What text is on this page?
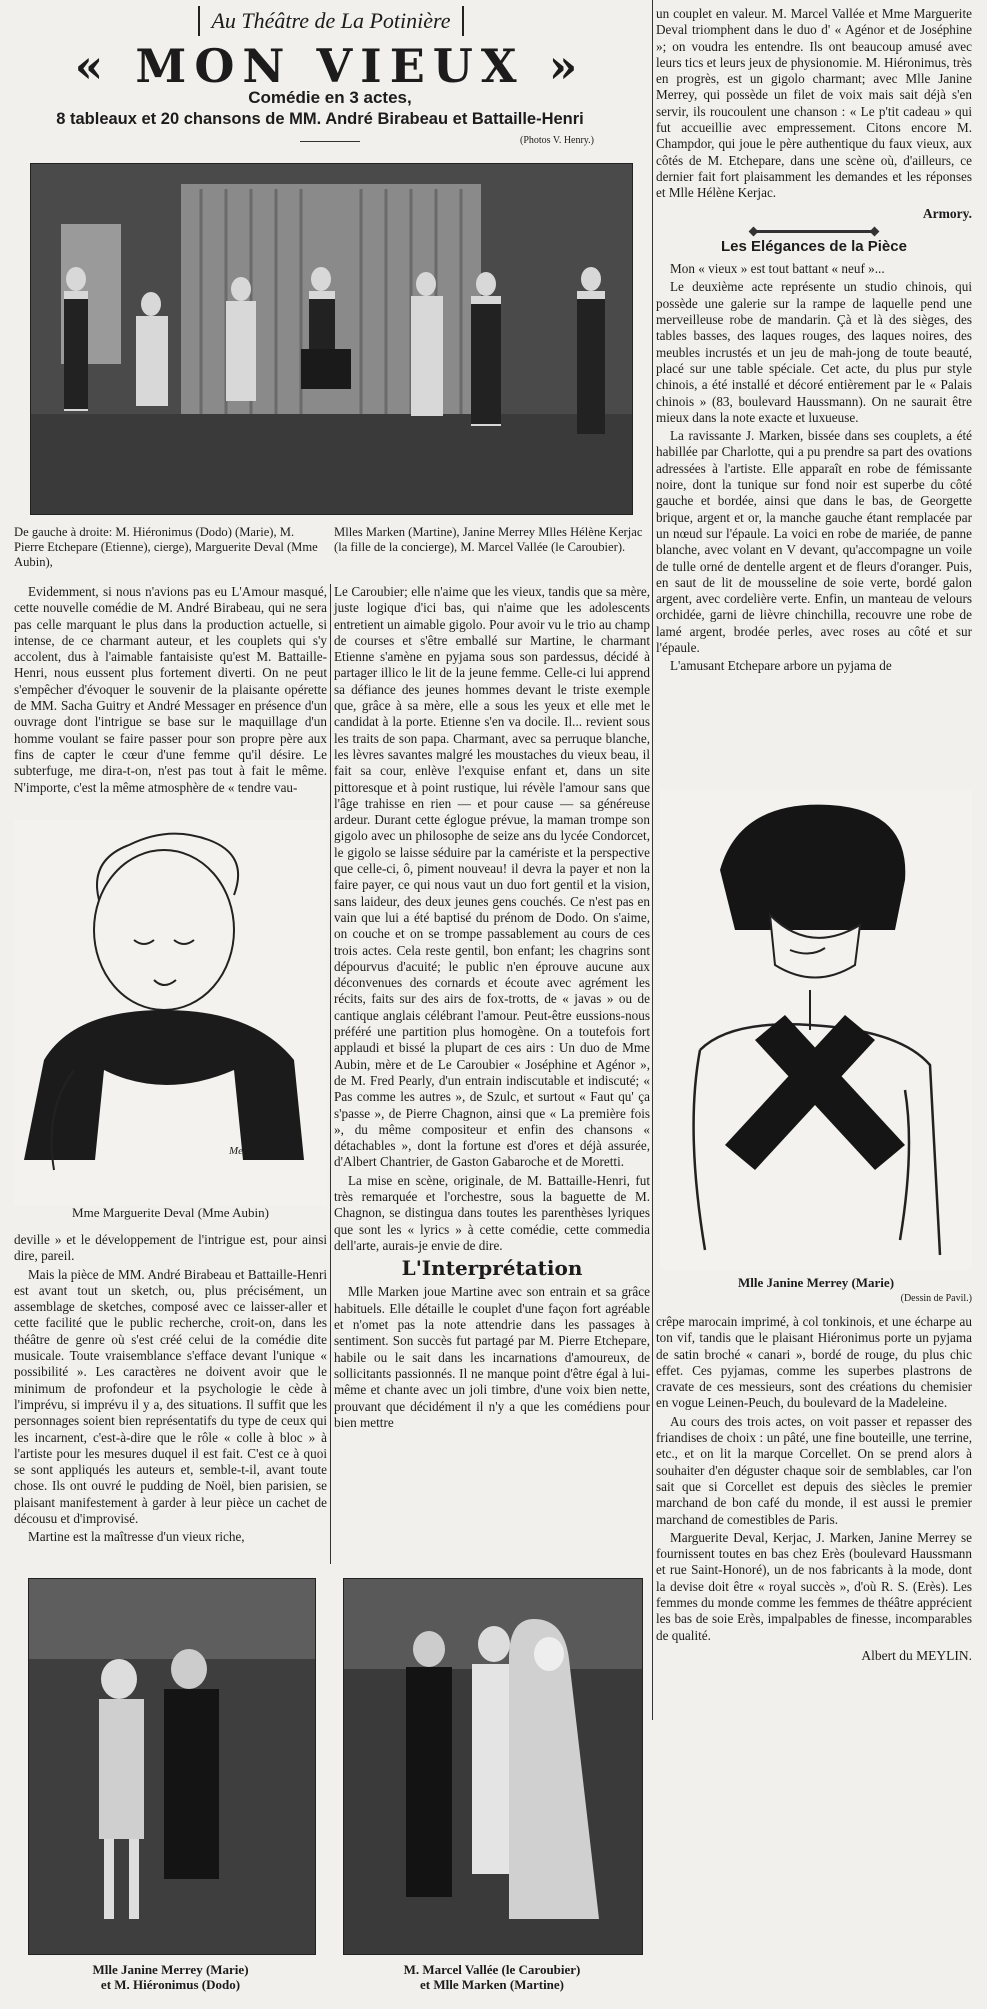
Au Théâtre de La Potinière
« MON VIEUX »
Comédie en 3 actes,
8 tableaux et 20 chansons de MM. André Birabeau et Battaille-Henri
(Photos V. Henry.)
De gauche à droite: M. Hiéronimus (Dodo) (Marie), M. Pierre Etchepare (Etienne), cierge), Marguerite Deval (Mme Aubin),
Mlles Marken (Martine), Janine Merrey Mlles Hélène Kerjac (la fille de la concierge), M. Marcel Vallée (le Caroubier).

Evidemment, si nous n'avions pas eu L'Amour masqué, cette nouvelle comédie de M. André Birabeau, qui ne sera pas celle marquant le plus dans la production actuelle, si intense, de ce charmant auteur, et les couplets qui s'y accolent, dus à l'aimable fantaisiste qu'est M. Battaille-Henri, nous eussent plus fortement diverti. On ne peut s'empêcher d'évoquer le souvenir de la plaisante opérette de MM. Sacha Guitry et André Messager en présence d'un ouvrage dont l'intrigue se base sur le maquillage d'un homme voulant se faire passer pour son propre père aux fins de capter le cœur d'une femme qu'il désire. Le subterfuge, me dira-t-on, n'est pas tout à fait le même. N'importe, c'est la même atmosphère de « tendre vau-

Mesadil
Mme Marguerite Deval (Mme Aubin)

deville » et le développement de l'intrigue est, pour ainsi dire, pareil.

Mais la pièce de MM. André Birabeau et Battaille-Henri est avant tout un sketch, ou, plus précisément, un assemblage de sketches, composé avec ce laisser-aller et cette facilité que le public recherche, croit-on, dans les théâtre de genre où s'est créé celui de la comédie dite musicale. Toute vraisemblance s'efface devant l'unique « possibilité ». Les caractères ne doivent avoir que le minimum de profondeur et la psychologie le cède à l'imprévu, si imprévu il y a, des situations. Il suffit que les personnages soient bien représentatifs du type de ceux qui les incarnent, c'est-à-dire que le rôle « colle à bloc » à l'artiste pour les mesures duquel il est fait. C'est ce à quoi se sont appliqués les auteurs et, semble-t-il, avant toute chose. Ils ont ouvré le pudding de Noël, bien parisien, se plaisant manifestement à garder à leur pièce un cachet de décousu et d'improvisé.

Martine est la maîtresse d'un vieux riche,

Le Caroubier; elle n'aime que les vieux, tandis que sa mère, juste logique d'ici bas, qui n'aime que les adolescents entretient un aimable gigolo. Pour avoir vu le trio au champ de courses et s'être emballé sur Martine, le charmant Etienne s'amène en pyjama sous son pardessus, décidé à partager illico le lit de la jeune femme. Celle-ci lui apprend sa défiance des jeunes hommes devant le triste exemple que, grâce à sa mère, elle a sous les yeux et elle met le candidat à la porte. Etienne s'en va docile. Il... revient sous les traits de son papa. Charmant, avec sa perruque blanche, les lèvres savantes malgré les moustaches du vieux beau, il fait sa cour, enlève l'exquise enfant et, dans un site pittoresque et à point rustique, lui révèle l'amour sans que l'âge trahisse en rien — et pour cause — sa généreuse ardeur. Durant cette églogue prévue, la maman trompe son gigolo avec un philosophe de seize ans du lycée Condorcet, le gigolo se laisse séduire par la camériste et la perspective que celle-ci, ô, piment nouveau! il devra la payer et non la faire payer, ce qui nous vaut un duo fort gentil et la vision, sans laideur, des deux jeunes gens couchés. Ce n'est pas en vain que lui a été baptisé du prénom de Dodo. On s'aime, on couche et on se trompe passablement au cours de ces trois actes. Cela reste gentil, bon enfant; les chagrins sont dépourvus d'acuité; le public n'en éprouve aucune aux déconvenues des cornards et écoute avec agrément les récits, faits sur des airs de fox-trotts, de « javas » ou de cantique anglais célébrant l'amour. Peut-être eussions-nous préféré une partition plus homogène. On a toutefois fort applaudi et bissé la plupart de ces airs : Un duo de Mme Aubin, mère et de Le Caroubier « Joséphine et Agénor », de M. Fred Pearly, d'un entrain indiscutable et indiscuté; « Pas comme les autres », de Szulc, et surtout « Faut qu' ça s'passe », de Pierre Chagnon, ainsi que « La première fois », du même compositeur et enfin des chansons « détachables », dont la fortune est d'ores et déjà assurée, d'Albert Chantrier, de Gaston Gabaroche et de Moretti.

La mise en scène, originale, de M. Battaille-Henri, fut très remarquée et l'orchestre, sous la baguette de M. Chagnon, se distingua dans toutes les parenthèses lyriques que sont les « lyrics » à cette comédie, cette commedia dell'arte, aurais-je envie de dire.

L'Interprétation

Mlle Marken joue Martine avec son entrain et sa grâce habituels. Elle détaille le couplet d'une façon fort agréable et n'omet pas la note attendrie dans les passages à sentiment. Son succès fut partagé par M. Pierre Etchepare, habile ou le sait dans les incarnations d'amoureux, de sollicitants passionnés. Il ne manque point d'être égal à lui-même et chante avec un joli timbre, d'une voix bien nette, prouvant que décidément il n'y a que les comédiens pour bien mettre

un couplet en valeur. M. Marcel Vallée et Mme Marguerite Deval triomphent dans le duo d' « Agénor et de Joséphine »; on voudra les entendre. Ils ont beaucoup amusé avec leurs tics et leurs jeux de physionomie. M. Hiéronimus, très en progrès, est un gigolo charmant; avec Mlle Janine Merrey, qui possède un filet de voix mais sait déjà s'en servir, ils roucoulent une chanson : « Le p'tit cadeau » qui fut accueillie avec empressement. Citons encore M. Champdor, qui joue le père authentique du faux vieux, aux côtés de M. Etchepare, dans une scène où, d'ailleurs, ce dernier fait fort plaisamment les demandes et les réponses et Mlle Hélène Kerjac.

Armory.
Les Elégances de la Pièce

Mon « vieux » est tout battant « neuf »...

Le deuxième acte représente un studio chinois, qui possède une galerie sur la rampe de laquelle pend une merveilleuse robe de mandarin. Çà et là des sièges, des tables basses, des laques rouges, des laques noires, des meubles incrustés et un jeu de mah-jong de toute beauté, placé sur une table spéciale. Cet acte, du plus pur style chinois, a été installé et décoré entièrement par le « Palais chinois » (83, boulevard Haussmann). On ne saurait être mieux dans la note exacte et luxueuse.

La ravissante J. Marken, bissée dans ses couplets, a été habillée par Charlotte, qui a pu prendre sa part des ovations adressées à l'artiste. Elle apparaît en robe de fémissante noire, dont la tunique sur fond noir est superbe du côté gauche et bordée, ainsi que dans le bas, de Georgette brique, argent et or, la manche gauche étant remplacée par un nœud sur l'épaule. La voici en robe de mariée, de panne blanche, avec volant en V devant, qu'accompagne un voile de tulle orné de dentelle argent et de fleurs d'oranger. Puis, en saut de lit de mousseline de soie verte, bordé galon argent, avec cordelière verte. Enfin, un manteau de velours orchidée, garni de lièvre chinchilla, recouvre une robe de lamé argent, brodée perles, avec roses au côté et sur l'épaule.

L'amusant Etchepare arbore un pyjama de

Mlle Janine Merrey (Marie)
(Dessin de Pavil.)

crêpe marocain imprimé, à col tonkinois, et une écharpe au ton vif, tandis que le plaisant Hiéronimus porte un pyjama de satin broché « canari », bordé de rouge, du plus chic effet. Ces pyjamas, comme les superbes plastrons de cravate de ces messieurs, sont des créations du chemisier en vogue Leinen-Peuch, du boulevard de la Madeleine.

Au cours des trois actes, on voit passer et repasser des friandises de choix : un pâté, une fine bouteille, une terrine, etc., et on lit la marque Corcellet. On se prend alors à souhaiter d'en déguster chaque soir de semblables, car l'on sait que si Corcellet est depuis des siècles le premier marchand de bon café du monde, il est aussi le premier marchand de comestibles de Paris.

Marguerite Deval, Kerjac, J. Marken, Janine Merrey se fournissent toutes en bas chez Erès (boulevard Haussmann et rue Saint-Honoré), un de nos fabricants à la mode, dont la devise doit être « royal succès », d'où R. S. (Erès). Les femmes du monde comme les femmes de théâtre apprécient les bas de soie Erès, impalpables de finesse, incomparables de qualité.

Albert du MEYLIN.
Mlle Janine Merrey (Marie)
et M. Hiéronimus (Dodo)
M. Marcel Vallée (le Caroubier)
et Mlle Marken (Martine)
